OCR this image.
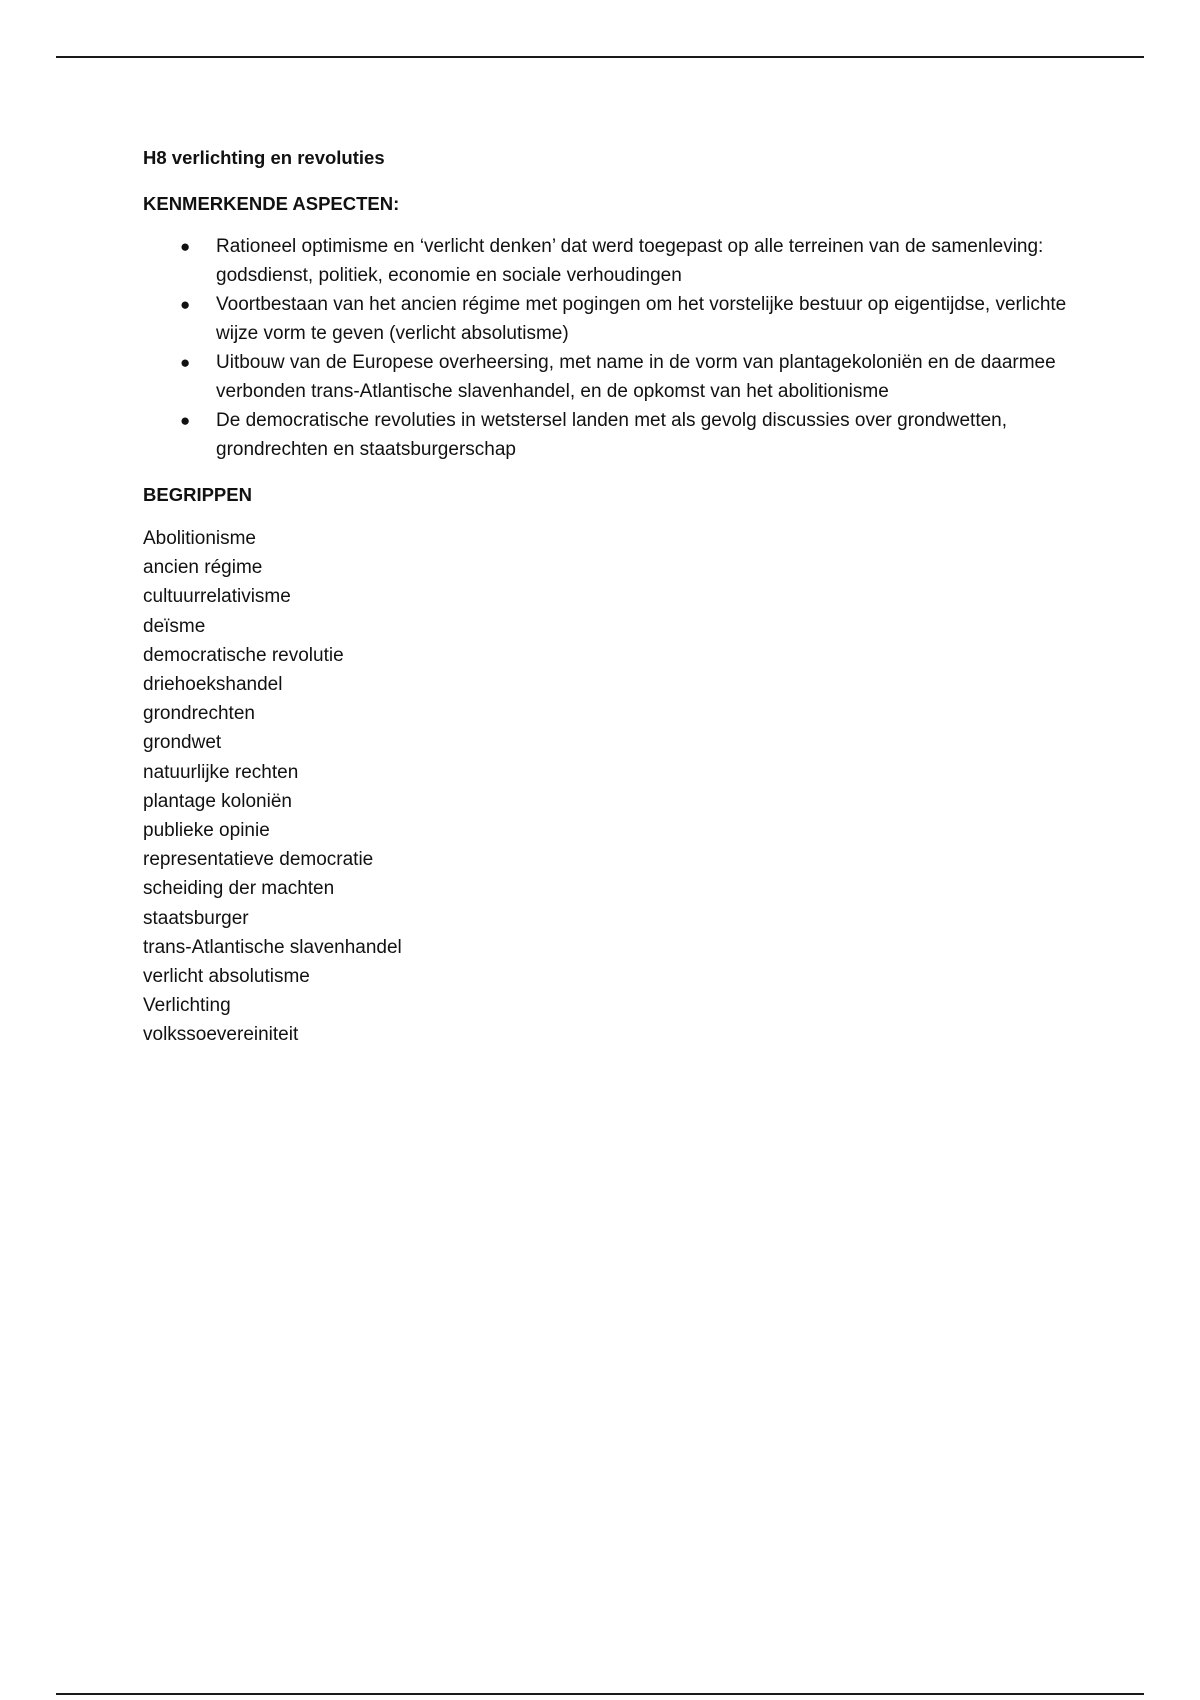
H8 verlichting en revoluties

KENMERKENDE ASPECTEN:

● Rationeel optimisme en ‘verlicht denken’ dat werd toegepast op alle terreinen van de samenleving: godsdienst, politiek, economie en sociale verhoudingen
● Voortbestaan van het ancien régime met pogingen om het vorstelijke bestuur op eigentijdse, verlichte wijze vorm te geven (verlicht absolutisme)
● Uitbouw van de Europese overheersing, met name in de vorm van plantagekoloniën en de daarmee verbonden trans-Atlantische slavenhandel, en de opkomst van het abolitionisme
● De democratische revoluties in wetstersel landen met als gevolg discussies over grondwetten, grondrechten en staatsburgerschap

BEGRIPPEN

Abolitionisme
ancien régime
cultuurrelativisme
deïsme
democratische revolutie
driehoekshandel
grondrechten
grondwet
natuurlijke rechten
plantage koloniën
publieke opinie
representatieve democratie
scheiding der machten
staatsburger
trans-Atlantische slavenhandel
verlicht absolutisme
Verlichting
volkssoevereiniteit
